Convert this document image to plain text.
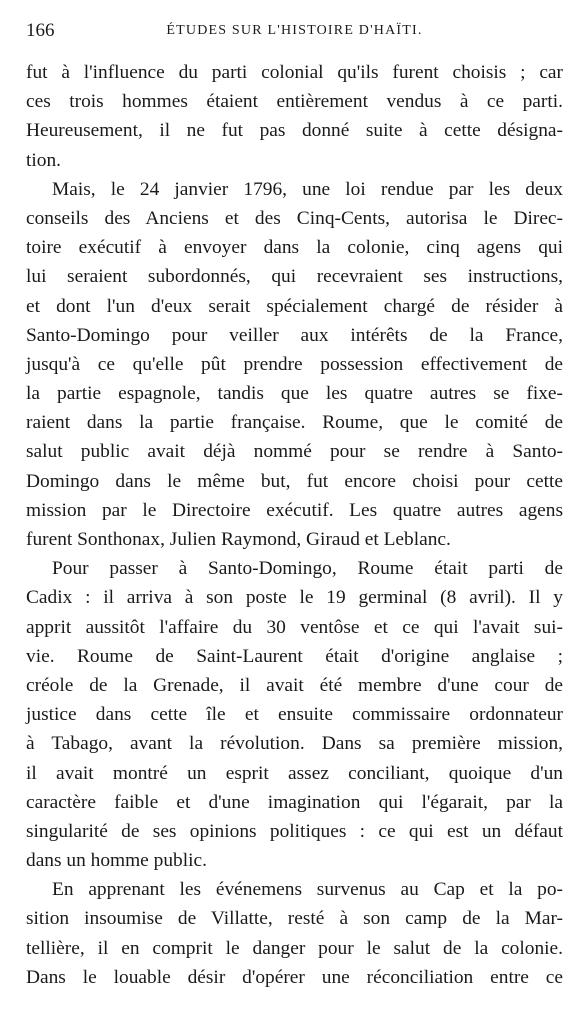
166	ÉTUDES SUR L'HISTOIRE D'HAÏTI.
fut à l'influence du parti colonial qu'ils furent choisis ; car
ces trois hommes étaient entièrement vendus à ce parti.
Heureusement, il ne fut pas donné suite à cette désigna-
tion.
Mais, le 24 janvier 1796, une loi rendue par les deux
conseils des Anciens et des Cinq-Cents, autorisa le Direc-
toire exécutif à envoyer dans la colonie, cinq agens qui
lui seraient subordonnés, qui recevraient ses instructions,
et dont l'un d'eux serait spécialement chargé de résider à
Santo-Domingo pour veiller aux intérêts de la France,
jusqu'à ce qu'elle pût prendre possession effectivement de
la partie espagnole, tandis que les quatre autres se fixe-
raient dans la partie française. Roume, que le comité de
salut public avait déjà nommé pour se rendre à Santo-
Domingo dans le même but, fut encore choisi pour cette
mission par le Directoire exécutif. Les quatre autres agens
furent Sonthonax, Julien Raymond, Giraud et Leblanc.
Pour passer à Santo-Domingo, Roume était parti de
Cadix : il arriva à son poste le 19 germinal (8 avril). Il y
apprit aussitôt l'affaire du 30 ventôse et ce qui l'avait sui-
vie. Roume de Saint-Laurent était d'origine anglaise ;
créole de la Grenade, il avait été membre d'une cour de
justice dans cette île et ensuite commissaire ordonnateur
à Tabago, avant la révolution. Dans sa première mission,
il avait montré un esprit assez conciliant, quoique d'un
caractère faible et d'une imagination qui l'égarait, par la
singularité de ses opinions politiques : ce qui est un défaut
dans un homme public.
En apprenant les événemens survenus au Cap et la po-
sition insoumise de Villatte, resté à son camp de la Mar-
tellière, il en comprit le danger pour le salut de la colonie.
Dans le louable désir d'opérer une réconciliation entre ce
